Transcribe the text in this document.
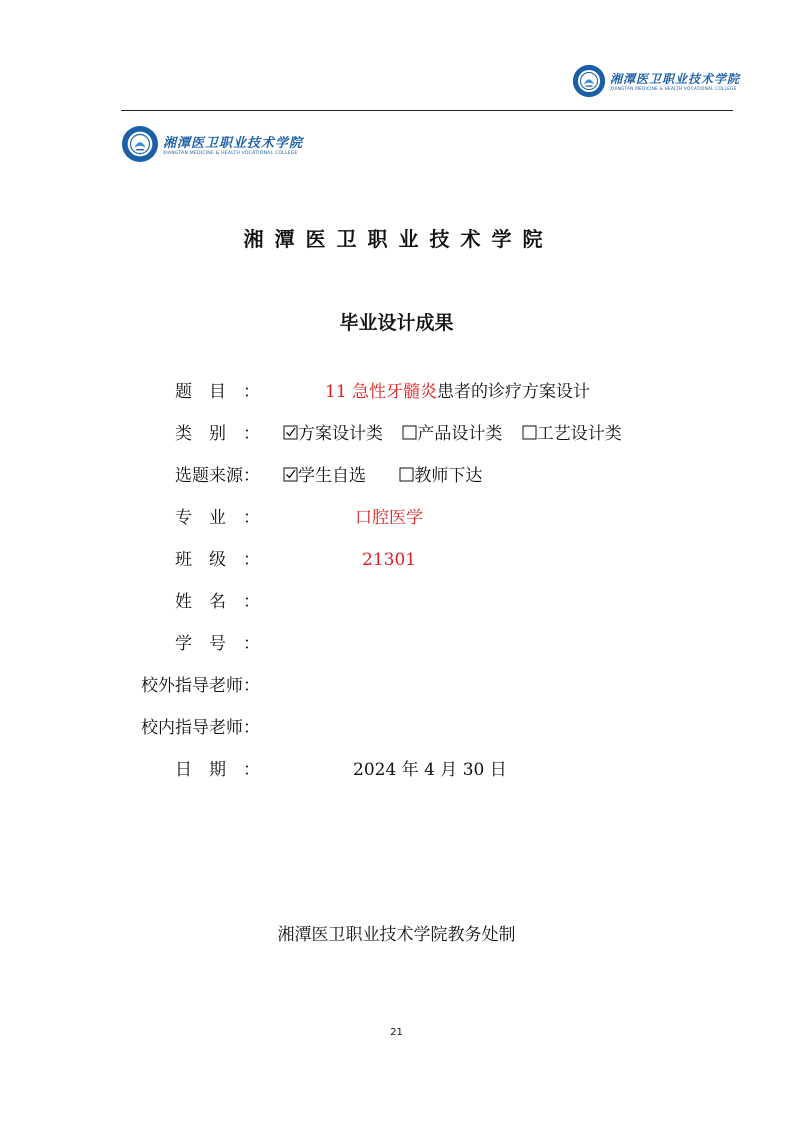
湘潭医卫职业技术学院
XIANGTAN MEDICINE & HEALTH VOCATIONAL COLLEGE
湘潭医卫职业技术学院
XIANGTAN MEDICINE & HEALTH VOCATIONAL COLLEGE
湘潭医卫职业技术学院
毕业设计成果
题目：	11 急性牙髓炎患者的诊疗方案设计
类别：	方案设计类 产品设计类 工艺设计类
选题来源：	学生自选	教师下达
专业：	口腔医学
班级：	21301
姓名：
学号：
校外指导老师：
校内指导老师：
日期：	2024 年 4 月 30 日
湘潭医卫职业技术学院教务处制
21
